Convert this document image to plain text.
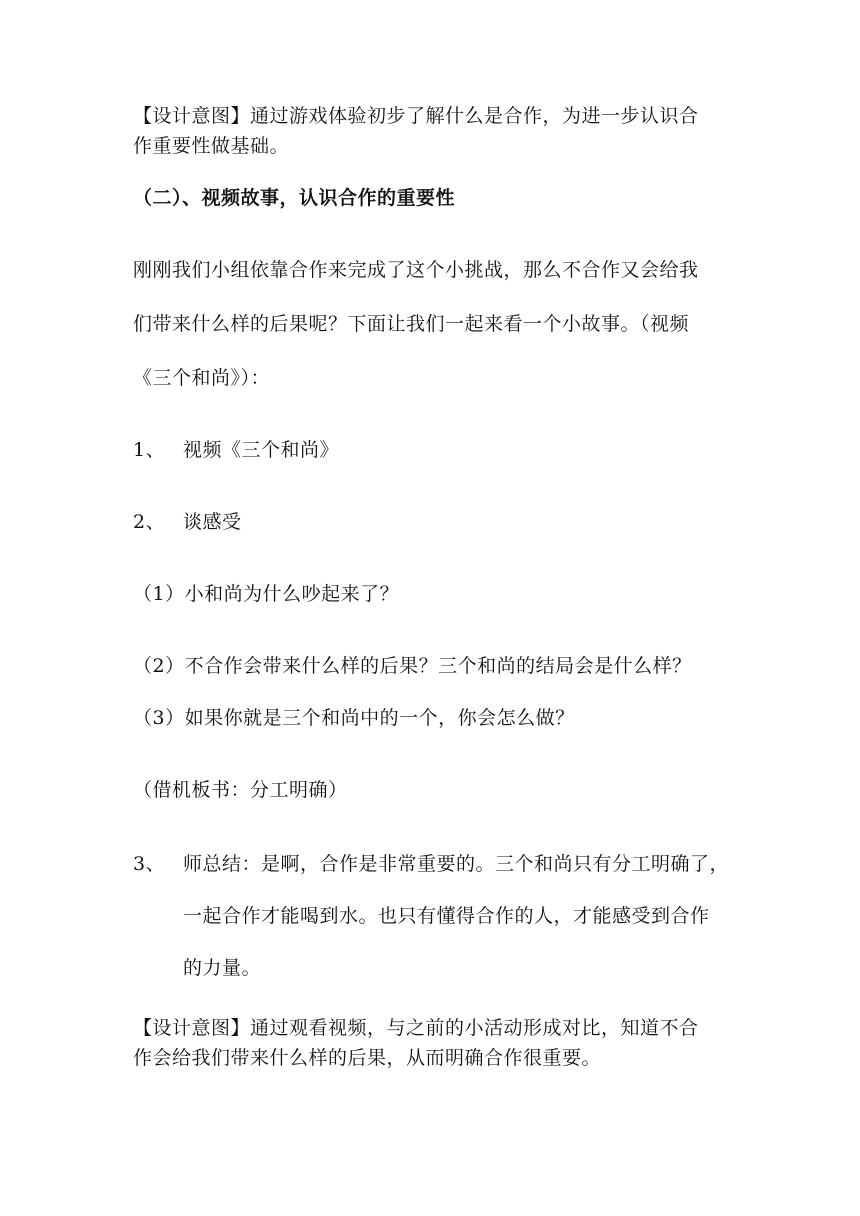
【设计意图】通过游戏体验初步了解什么是合作，为进一步认识合
作重要性做基础。
（二）、视频故事，认识合作的重要性
刚刚我们小组依靠合作来完成了这个小挑战，那么不合作又会给我
们带来什么样的后果呢？下面让我们一起来看一个小故事。（视频
《三个和尚》）：
1、 视频《三个和尚》
2、 谈感受
（1）小和尚为什么吵起来了？
（2）不合作会带来什么样的后果？三个和尚的结局会是什么样？
（3）如果你就是三个和尚中的一个，你会怎么做？
（借机板书：分工明确）
3、 师总结：是啊，合作是非常重要的。三个和尚只有分工明确了，
一起合作才能喝到水。也只有懂得合作的人，才能感受到合作
的力量。
【设计意图】通过观看视频，与之前的小活动形成对比，知道不合
作会给我们带来什么样的后果，从而明确合作很重要。
